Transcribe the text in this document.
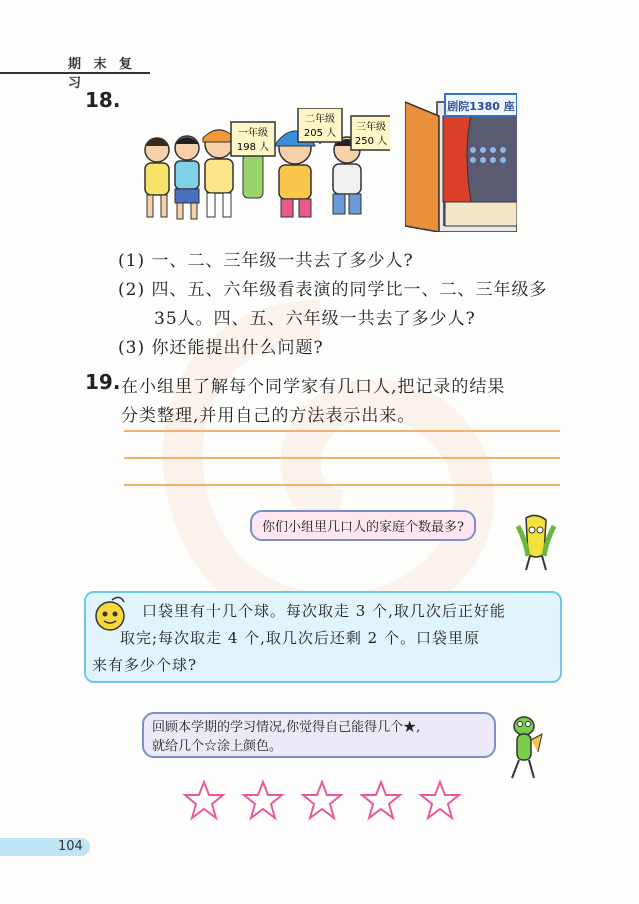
期 末 复 习
18.
一年级
198 人
二年级
205 人
三年级
250 人
剧院1380 座
(1) 一、二、三年级一共去了多少人?
(2) 四、五、六年级看表演的同学比一、二、三年级多
35人。四、五、六年级一共去了多少人?
(3) 你还能提出什么问题?
19. 在小组里了解每个同学家有几口人,把记录的结果
分类整理,并用自己的方法表示出来。
你们小组里几口人的家庭个数最多?
口袋里有十几个球。每次取走 3 个,取几次后正好能
取完;每次取走 4 个,取几次后还剩 2 个。口袋里原
来有多少个球?
回顾本学期的学习情况,你觉得自己能得几个★,
就给几个☆涂上颜色。
104
